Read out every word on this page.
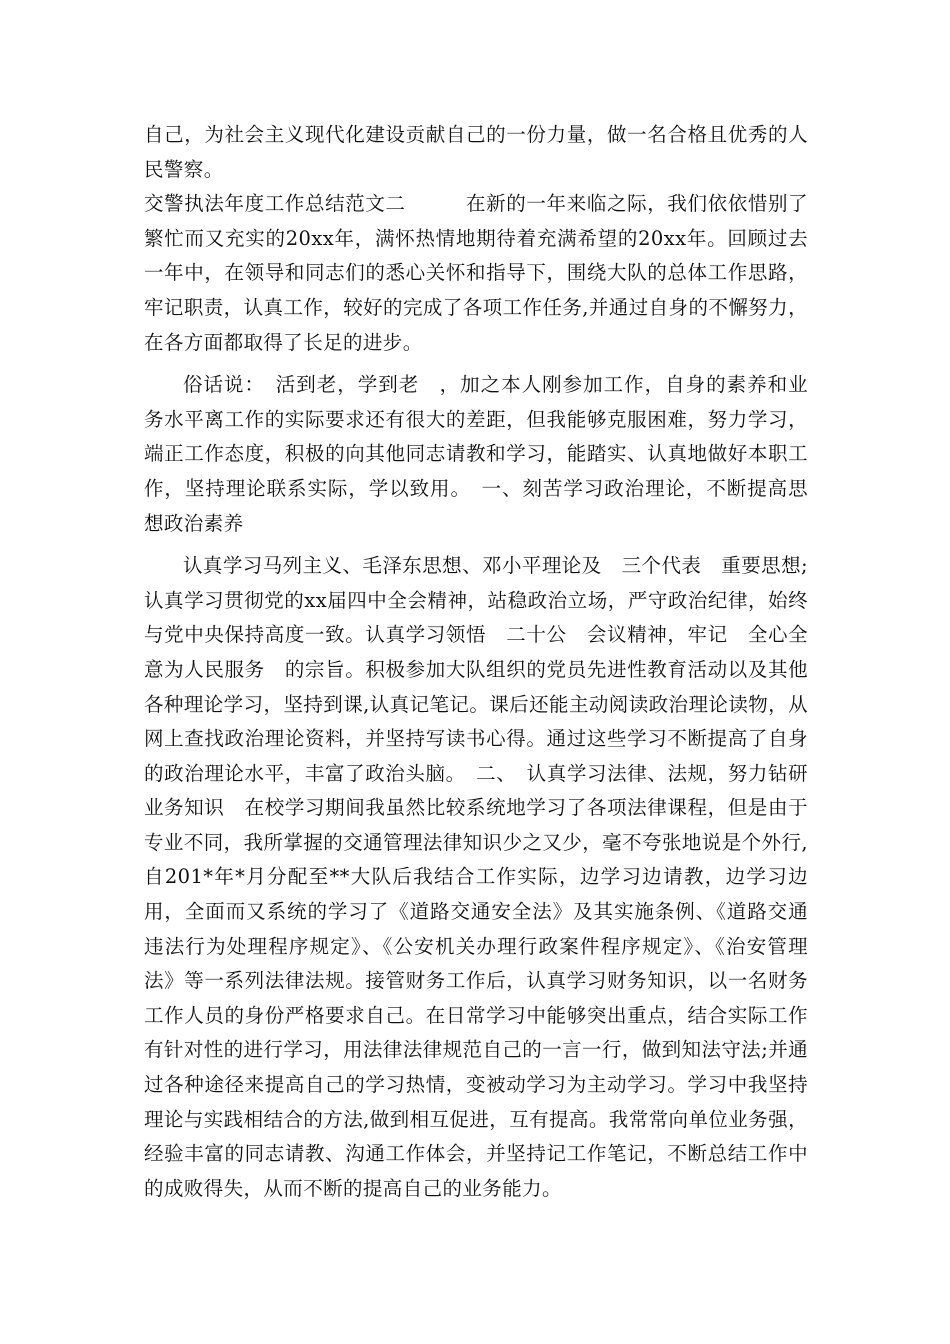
自己，为社会主义现代化建设贡献自己的一份力量，做一名合格且优秀的人民警察。

交警执法年度工作总结范文二　　　在新的一年来临之际，我们依依惜别了繁忙而又充实的20xx年，满怀热情地期待着充满希望的20xx年。回顾过去一年中，在领导和同志们的悉心关怀和指导下，围绕大队的总体工作思路，牢记职责，认真工作，较好的完成了各项工作任务,并通过自身的不懈努力，在各方面都取得了长足的进步。

俗话说：　活到老，学到老　，加之本人刚参加工作，自身的素养和业务水平离工作的实际要求还有很大的差距，但我能够克服困难，努力学习，端正工作态度，积极的向其他同志请教和学习，能踏实、认真地做好本职工作，坚持理论联系实际，学以致用。　一、刻苦学习政治理论，不断提高思想政治素养

认真学习马列主义、毛泽东思想、邓小平理论及　三个代表　重要思想;认真学习贯彻党的xx届四中全会精神，站稳政治立场，严守政治纪律，始终与党中央保持高度一致。认真学习领悟　二十公　会议精神，牢记　全心全意为人民服务　的宗旨。积极参加大队组织的党员先进性教育活动以及其他各种理论学习，坚持到课,认真记笔记。课后还能主动阅读政治理论读物，从网上查找政治理论资料，并坚持写读书心得。通过这些学习不断提高了自身的政治理论水平，丰富了政治头脑。　二、　认真学习法律、法规，努力钻研业务知识　在校学习期间我虽然比较系统地学习了各项法律课程，但是由于专业不同，我所掌握的交通管理法律知识少之又少，毫不夸张地说是个外行,自201*年*月分配至**大队后我结合工作实际，边学习边请教，边学习边用，全面而又系统的学习了《道路交通安全法》及其实施条例、《道路交通违法行为处理程序规定》、《公安机关办理行政案件程序规定》、《治安管理法》等一系列法律法规。接管财务工作后，认真学习财务知识，以一名财务工作人员的身份严格要求自己。在日常学习中能够突出重点，结合实际工作有针对性的进行学习，用法律法律规范自己的一言一行，做到知法守法;并通过各种途径来提高自己的学习热情，变被动学习为主动学习。学习中我坚持理论与实践相结合的方法,做到相互促进，互有提高。我常常向单位业务强，经验丰富的同志请教、沟通工作体会，并坚持记工作笔记，不断总结工作中的成败得失，从而不断的提高自己的业务能力。
